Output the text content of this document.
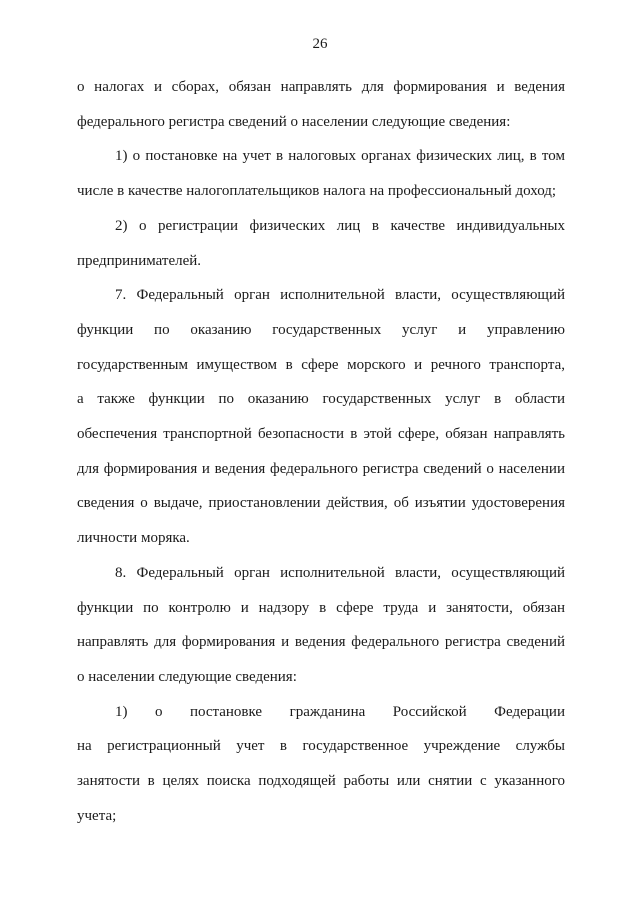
26
о налогах и сборах, обязан направлять для формирования и ведения
федерального регистра сведений о населении следующие сведения:
1) о постановке на учет в налоговых органах физических лиц, в том
числе в качестве налогоплательщиков налога на профессиональный доход;
2) о регистрации физических лиц в качестве индивидуальных
предпринимателей.
7. Федеральный орган исполнительной власти, осуществляющий
функции по оказанию государственных услуг и управлению
государственным имуществом в сфере морского и речного транспорта,
а также функции по оказанию государственных услуг в области
обеспечения транспортной безопасности в этой сфере, обязан направлять
для формирования и ведения федерального регистра сведений о населении
сведения о выдаче, приостановлении действия, об изъятии удостоверения
личности моряка.
8. Федеральный орган исполнительной власти, осуществляющий
функции по контролю и надзору в сфере труда и занятости, обязан
направлять для формирования и ведения федерального регистра сведений
о населении следующие сведения:
1) о постановке гражданина Российской Федерации
на регистрационный учет в государственное учреждение службы
занятости в целях поиска подходящей работы или снятии с указанного
учета;
